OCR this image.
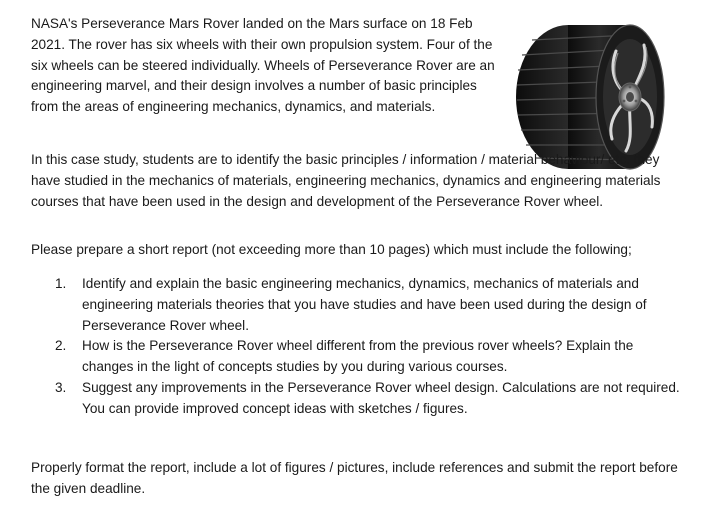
NASA's Perseverance Mars Rover landed on the Mars surface on 18 Feb 2021. The rover has six wheels with their own propulsion system. Four of the six wheels can be steered individually. Wheels of Perseverance Rover are an engineering marvel, and their design involves a number of basic principles from the areas of engineering mechanics, dynamics, and materials.

In this case study, students are to identify the basic principles / information / material behaviour/ etc. they have studied in the mechanics of materials, engineering mechanics, dynamics and engineering materials courses that have been used in the design and development of the Perseverance Rover wheel.

Please prepare a short report (not exceeding more than 10 pages) which must include the following;

1. Identify and explain the basic engineering mechanics, dynamics, mechanics of materials and engineering materials theories that you have studies and have been used during the design of Perseverance Rover wheel.
2. How is the Perseverance Rover wheel different from the previous rover wheels? Explain the changes in the light of concepts studies by you during various courses.
3. Suggest any improvements in the Perseverance Rover wheel design. Calculations are not required. You can provide improved concept ideas with sketches / figures.

Properly format the report, include a lot of figures / pictures, include references and submit the report before the given deadline.
